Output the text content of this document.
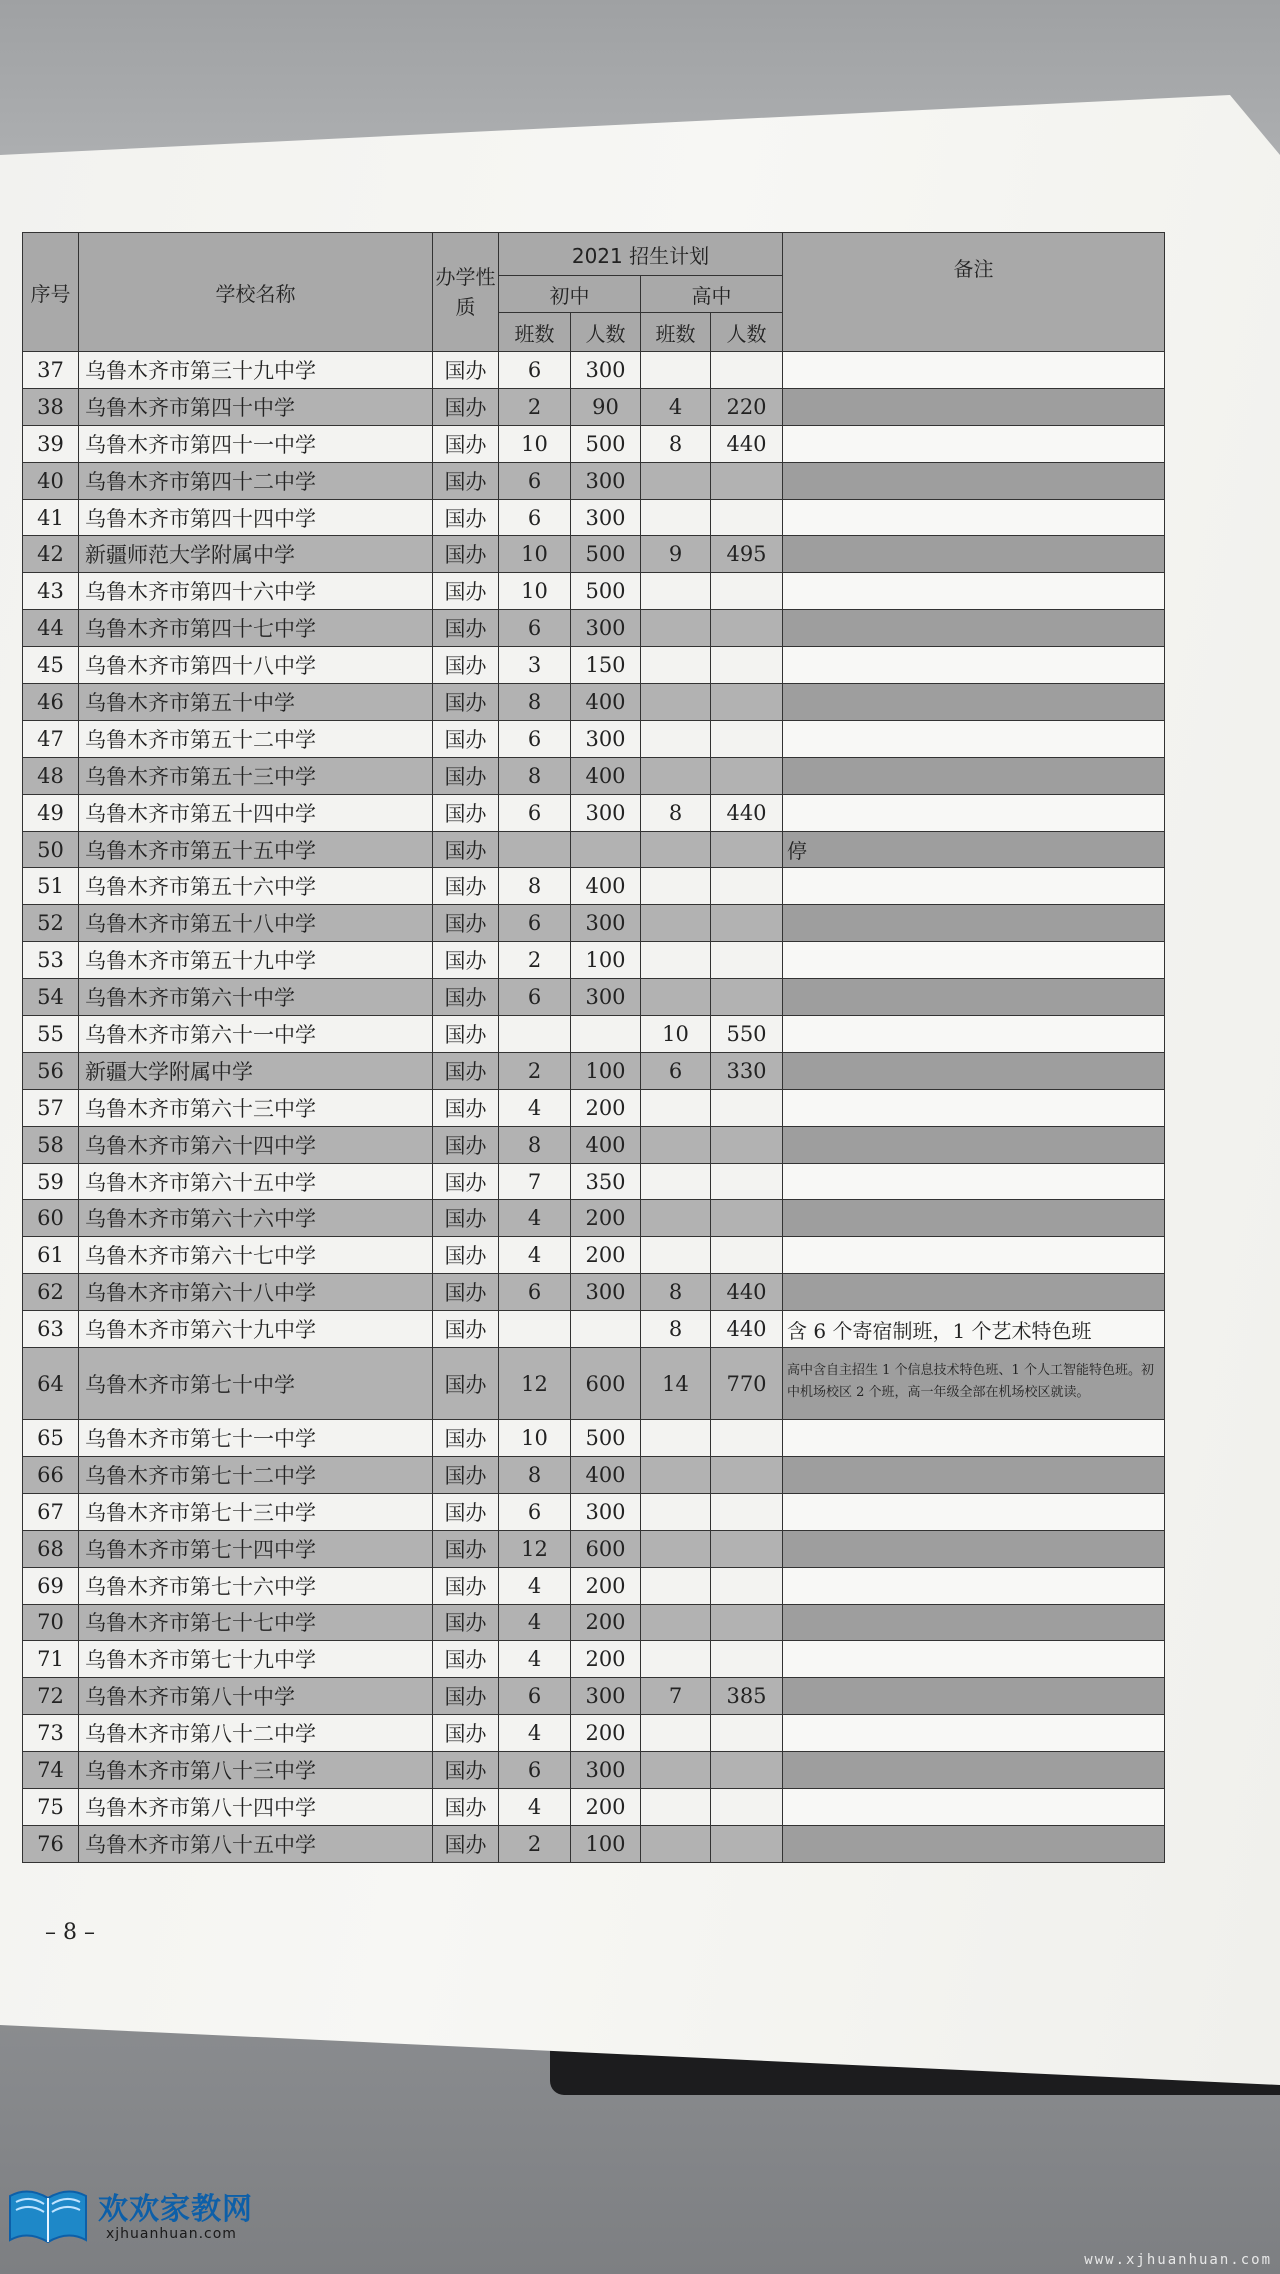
序号	学校名称	办学性质	2021 招生计划				备注
			初中		高中		
			班数	人数	班数	人数	
37	乌鲁木齐市第三十九中学	国办	6	300			
38	乌鲁木齐市第四十中学	国办	2	90	4	220	
39	乌鲁木齐市第四十一中学	国办	10	500	8	440	
40	乌鲁木齐市第四十二中学	国办	6	300			
41	乌鲁木齐市第四十四中学	国办	6	300			
42	新疆师范大学附属中学	国办	10	500	9	495	
43	乌鲁木齐市第四十六中学	国办	10	500			
44	乌鲁木齐市第四十七中学	国办	6	300			
45	乌鲁木齐市第四十八中学	国办	3	150			
46	乌鲁木齐市第五十中学	国办	8	400			
47	乌鲁木齐市第五十二中学	国办	6	300			
48	乌鲁木齐市第五十三中学	国办	8	400			
49	乌鲁木齐市第五十四中学	国办	6	300	8	440	
50	乌鲁木齐市第五十五中学	国办					停
51	乌鲁木齐市第五十六中学	国办	8	400			
52	乌鲁木齐市第五十八中学	国办	6	300			
53	乌鲁木齐市第五十九中学	国办	2	100			
54	乌鲁木齐市第六十中学	国办	6	300			
55	乌鲁木齐市第六十一中学	国办			10	550	
56	新疆大学附属中学	国办	2	100	6	330	
57	乌鲁木齐市第六十三中学	国办	4	200			
58	乌鲁木齐市第六十四中学	国办	8	400			
59	乌鲁木齐市第六十五中学	国办	7	350			
60	乌鲁木齐市第六十六中学	国办	4	200			
61	乌鲁木齐市第六十七中学	国办	4	200			
62	乌鲁木齐市第六十八中学	国办	6	300	8	440	
63	乌鲁木齐市第六十九中学	国办			8	440	含 6 个寄宿制班，1 个艺术特色班
64	乌鲁木齐市第七十中学	国办	12	600	14	770	高中含自主招生 1 个信息技术特色班、1 个人工智能特色班。初中机场校区 2 个班，高一年级全部在机场校区就读。
65	乌鲁木齐市第七十一中学	国办	10	500			
66	乌鲁木齐市第七十二中学	国办	8	400			
67	乌鲁木齐市第七十三中学	国办	6	300			
68	乌鲁木齐市第七十四中学	国办	12	600			
69	乌鲁木齐市第七十六中学	国办	4	200			
70	乌鲁木齐市第七十七中学	国办	4	200			
71	乌鲁木齐市第七十九中学	国办	4	200			
72	乌鲁木齐市第八十中学	国办	6	300	7	385	
73	乌鲁木齐市第八十二中学	国办	4	200			
74	乌鲁木齐市第八十三中学	国办	6	300			
75	乌鲁木齐市第八十四中学	国办	4	200			
76	乌鲁木齐市第八十五中学	国办	2	100			
– 8 –
欢欢家教网
xjhuanhuan.com
www.xjhuanhuan.com
